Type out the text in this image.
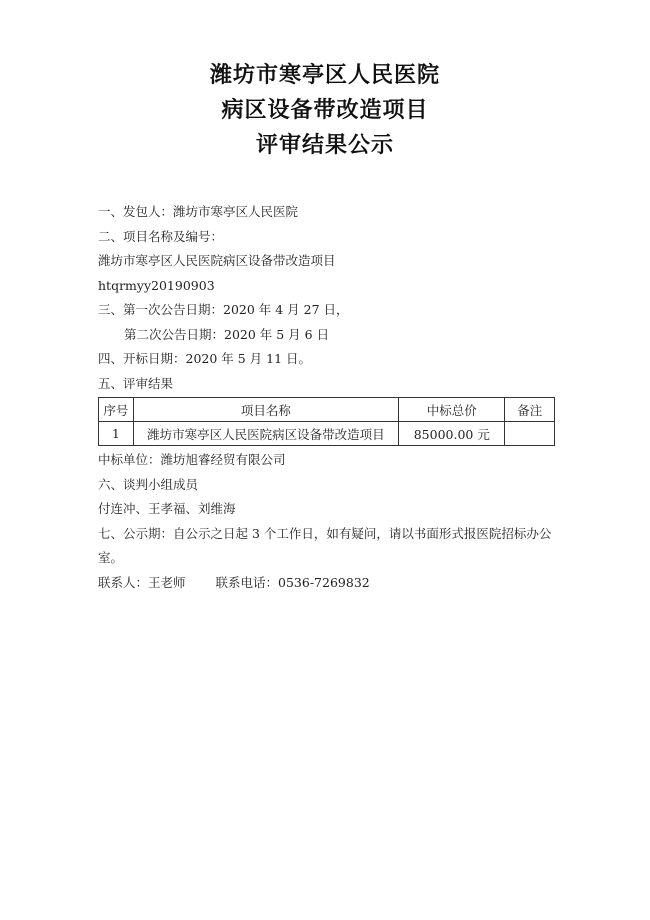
潍坊市寒亭区人民医院
病区设备带改造项目
评审结果公示
一、发包人：潍坊市寒亭区人民医院
二、项目名称及编号：
潍坊市寒亭区人民医院病区设备带改造项目
htqrmyy20190903
三、第一次公告日期：2020 年 4 月 27 日，
第二次公告日期：2020 年 5 月 6 日
四、开标日期：2020 年 5 月 11 日。
五、评审结果
序号	项目名称	中标总价	备注
1	潍坊市寒亭区人民医院病区设备带改造项目	85000.00 元	
中标单位：潍坊旭睿经贸有限公司
六、谈判小组成员
付连冲、王孝福、刘维海
七、公示期：自公示之日起 3 个工作日，如有疑问，请以书面形式报医院招标办公室。
联系人：王老师 联系电话：0536-7269832
